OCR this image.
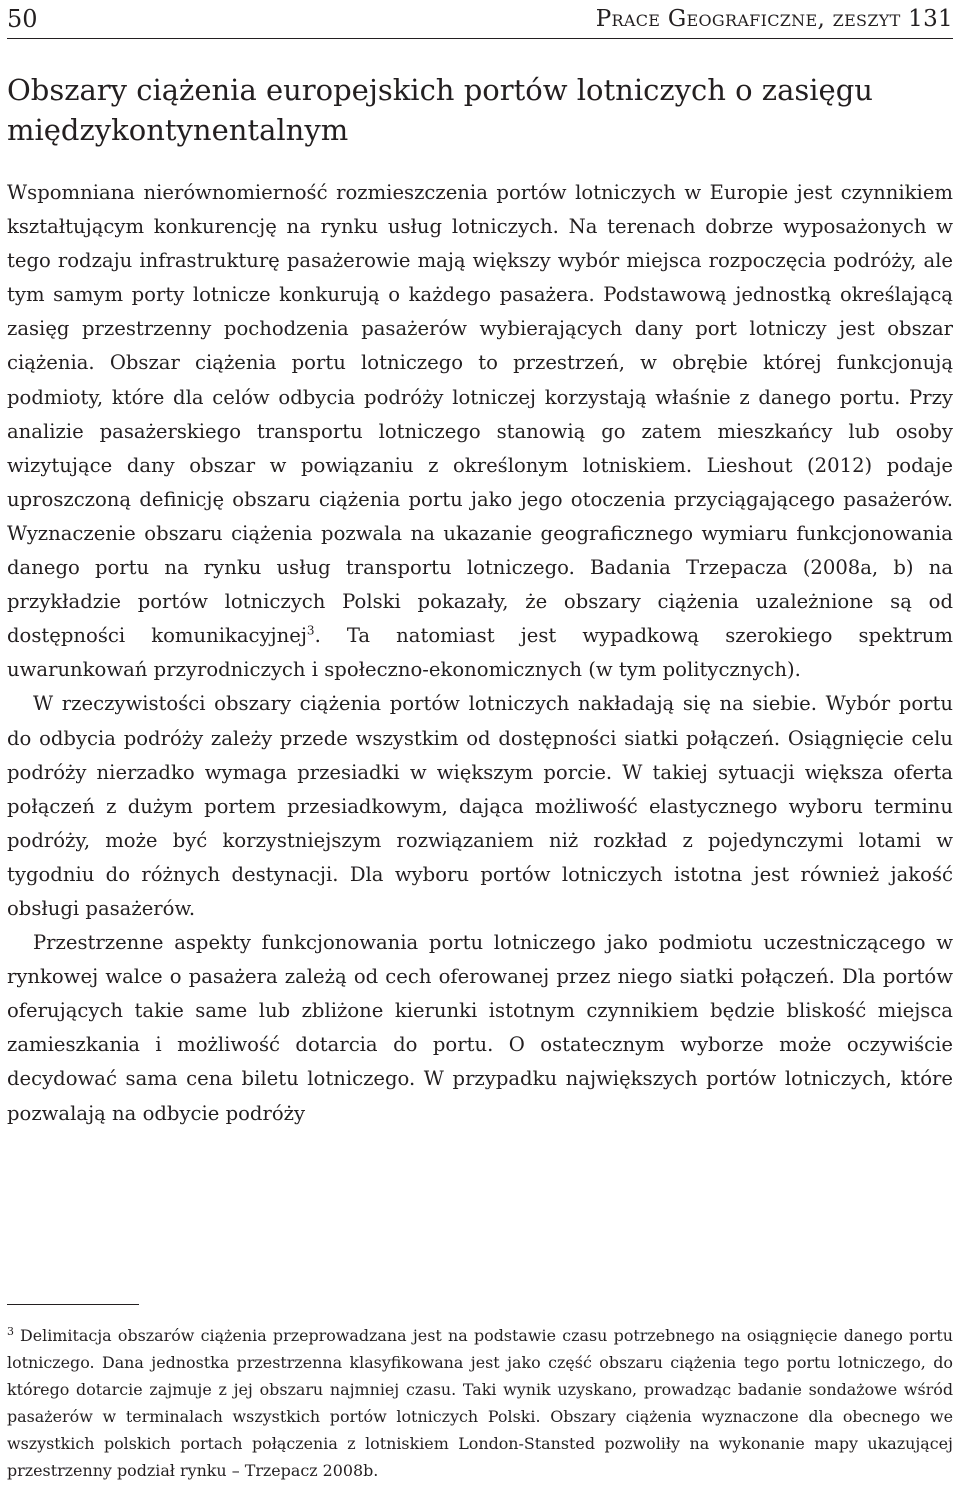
50	Prace Geograficzne, zeszyt 131
Obszary ciążenia europejskich portów lotniczych o zasięgu międzykontynentalnym

Wspomniana nierównomierność rozmieszczenia portów lotniczych w Europie jest czynnikiem kształtującym konkurencję na rynku usług lotniczych. Na terenach dobrze wyposażonych w tego rodzaju infrastrukturę pasażerowie mają większy wybór miejsca rozpoczęcia podróży, ale tym samym porty lotnicze konkurują o każdego pasażera. Podstawową jednostką określającą zasięg przestrzenny pochodzenia pasażerów wybierających dany port lotniczy jest obszar ciążenia. Obszar ciążenia portu lotniczego to przestrzeń, w obrębie której funkcjonują podmioty, które dla celów odbycia podróży lotniczej korzystają właśnie z danego portu. Przy analizie pasażerskiego transportu lotniczego stanowią go zatem mieszkańcy lub osoby wizytujące dany obszar w powiązaniu z określonym lotniskiem. Lieshout (2012) podaje uproszczoną definicję obszaru ciążenia portu jako jego otoczenia przyciągającego pasażerów. Wyznaczenie obszaru ciążenia pozwala na ukazanie geograficznego wymiaru funkcjonowania danego portu na rynku usług transportu lotniczego. Badania Trzepacza (2008a, b) na przykładzie portów lotniczych Polski pokazały, że obszary ciążenia uzależnione są od dostępności komunikacyjnej$^3$. Ta natomiast jest wypadkową szerokiego spektrum uwarunkowań przyrodniczych i społeczno-ekonomicznych (w tym politycznych).

W rzeczywistości obszary ciążenia portów lotniczych nakładają się na siebie. Wybór portu do odbycia podróży zależy przede wszystkim od dostępności siatki połączeń. Osiągnięcie celu podróży nierzadko wymaga przesiadki w większym porcie. W takiej sytuacji większa oferta połączeń z dużym portem przesiadkowym, dająca możliwość elastycznego wyboru terminu podróży, może być korzystniejszym rozwiązaniem niż rozkład z pojedynczymi lotami w tygodniu do różnych destynacji. Dla wyboru portów lotniczych istotna jest również jakość obsługi pasażerów.

Przestrzenne aspekty funkcjonowania portu lotniczego jako podmiotu uczestniczącego w rynkowej walce o pasażera zależą od cech oferowanej przez niego siatki połączeń. Dla portów oferujących takie same lub zbliżone kierunki istotnym czynnikiem będzie bliskość miejsca zamieszkania i możliwość dotarcia do portu. O ostatecznym wyborze może oczywiście decydować sama cena biletu lotniczego. W przypadku największych portów lotniczych, które pozwalają na odbycie podróży

$^3$ Delimitacja obszarów ciążenia przeprowadzana jest na podstawie czasu potrzebnego na osiągnięcie danego portu lotniczego. Dana jednostka przestrzenna klasyfikowana jest jako część obszaru ciążenia tego portu lotniczego, do którego dotarcie zajmuje z jej obszaru najmniej czasu. Taki wynik uzyskano, prowadząc badanie sondażowe wśród pasażerów w terminalach wszystkich portów lotniczych Polski. Obszary ciążenia wyznaczone dla obecnego we wszystkich polskich portach połączenia z lotniskiem London-Stansted pozwoliły na wykonanie mapy ukazującej przestrzenny podział rynku – Trzepacz 2008b.
